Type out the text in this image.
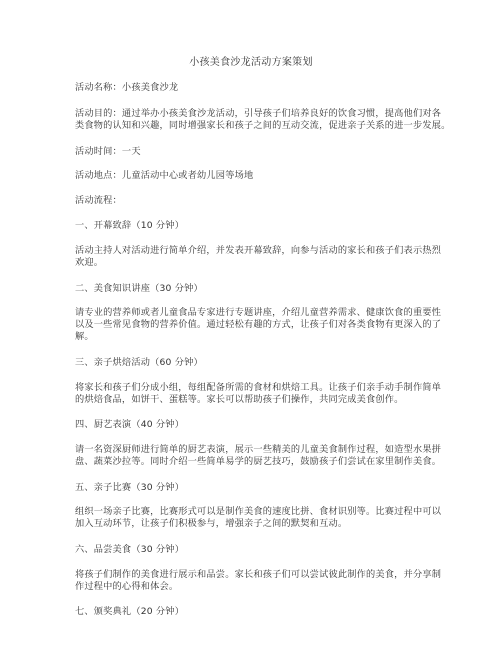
小孩美食沙龙活动方案策划
活动名称：小孩美食沙龙
活动目的：通过举办小孩美食沙龙活动，引导孩子们培养良好的饮食习惯，提高他们对各
类食物的认知和兴趣，同时增强家长和孩子之间的互动交流，促进亲子关系的进一步发展。
活动时间：一天
活动地点：儿童活动中心或者幼儿园等场地
活动流程：
一、开幕致辞（10 分钟）
活动主持人对活动进行简单介绍，并发表开幕致辞，向参与活动的家长和孩子们表示热烈
欢迎。
二、美食知识讲座（30 分钟）
请专业的营养师或者儿童食品专家进行专题讲座，介绍儿童营养需求、健康饮食的重要性
以及一些常见食物的营养价值。通过轻松有趣的方式，让孩子们对各类食物有更深入的了
解。
三、亲子烘焙活动（60 分钟）
将家长和孩子们分成小组，每组配备所需的食材和烘焙工具。让孩子们亲手动手制作简单
的烘焙食品，如饼干、蛋糕等。家长可以帮助孩子们操作，共同完成美食创作。
四、厨艺表演（40 分钟）
请一名资深厨师进行简单的厨艺表演，展示一些精美的儿童美食制作过程，如造型水果拼
盘、蔬菜沙拉等。同时介绍一些简单易学的厨艺技巧，鼓励孩子们尝试在家里制作美食。
五、亲子比赛（30 分钟）
组织一场亲子比赛，比赛形式可以是制作美食的速度比拼、食材识别等。比赛过程中可以
加入互动环节，让孩子们积极参与，增强亲子之间的默契和互动。
六、品尝美食（30 分钟）
将孩子们制作的美食进行展示和品尝。家长和孩子们可以尝试彼此制作的美食，并分享制
作过程中的心得和体会。
七、颁奖典礼（20 分钟）
